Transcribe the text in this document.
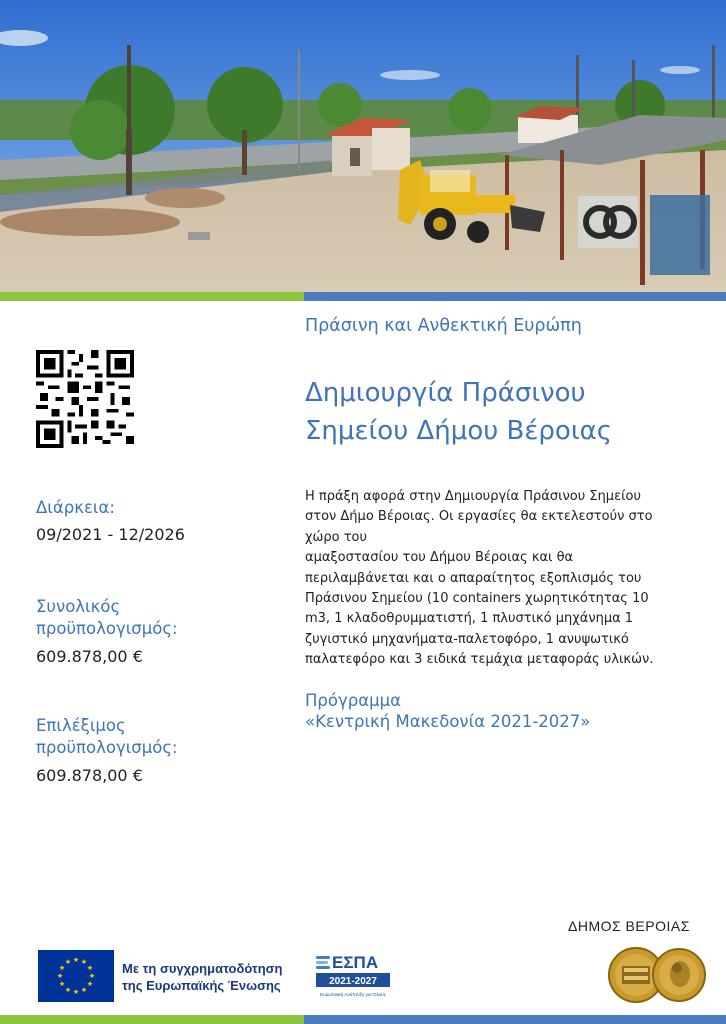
Διάρκεια:
09/2021 - 12/2026
Συνολικός
προϋπολογισμός:
609.878,00 €
Επιλέξιμος
προϋπολογισμός:
609.878,00 €
Πράσινη και Ανθεκτική Ευρώπη
Δημιουργία Πράσινου
Σημείου Δήμου Βέροιας
Η πράξη αφορά στην Δημιουργία Πράσινου Σημείου
στον Δήμο Βέροιας. Οι εργασίες θα εκτελεστούν στο
χώρο του
αμαξοστασίου του Δήμου Βέροιας και θα
περιλαμβάνεται και ο απαραίτητος εξοπλισμός του
Πράσινου Σημείου (10 containers χωρητικότητας 10
m3, 1 κλαδοθρυμματιστή, 1 πλυστικό μηχάνημα 1
ζυγιστικό μηχανήματα-παλετοφόρο, 1 ανυψωτικό
παλατεφόρο και 3 ειδικά τεμάχια μεταφοράς υλικών.
Πρόγραμμα
«Κεντρική Μακεδονία 2021-2027»
ΔΗΜΟΣ ΒΕΡΟΙΑΣ
★ ★
★
★
★
★
★
★
★
★
★
★	Με τη συγχρηματοδότηση
της Ευρωπαϊκής Ένωσης
ΕΣΠΑ
2021-2027
Ευρωπαϊκή Ανάπτυξη για Όλους
